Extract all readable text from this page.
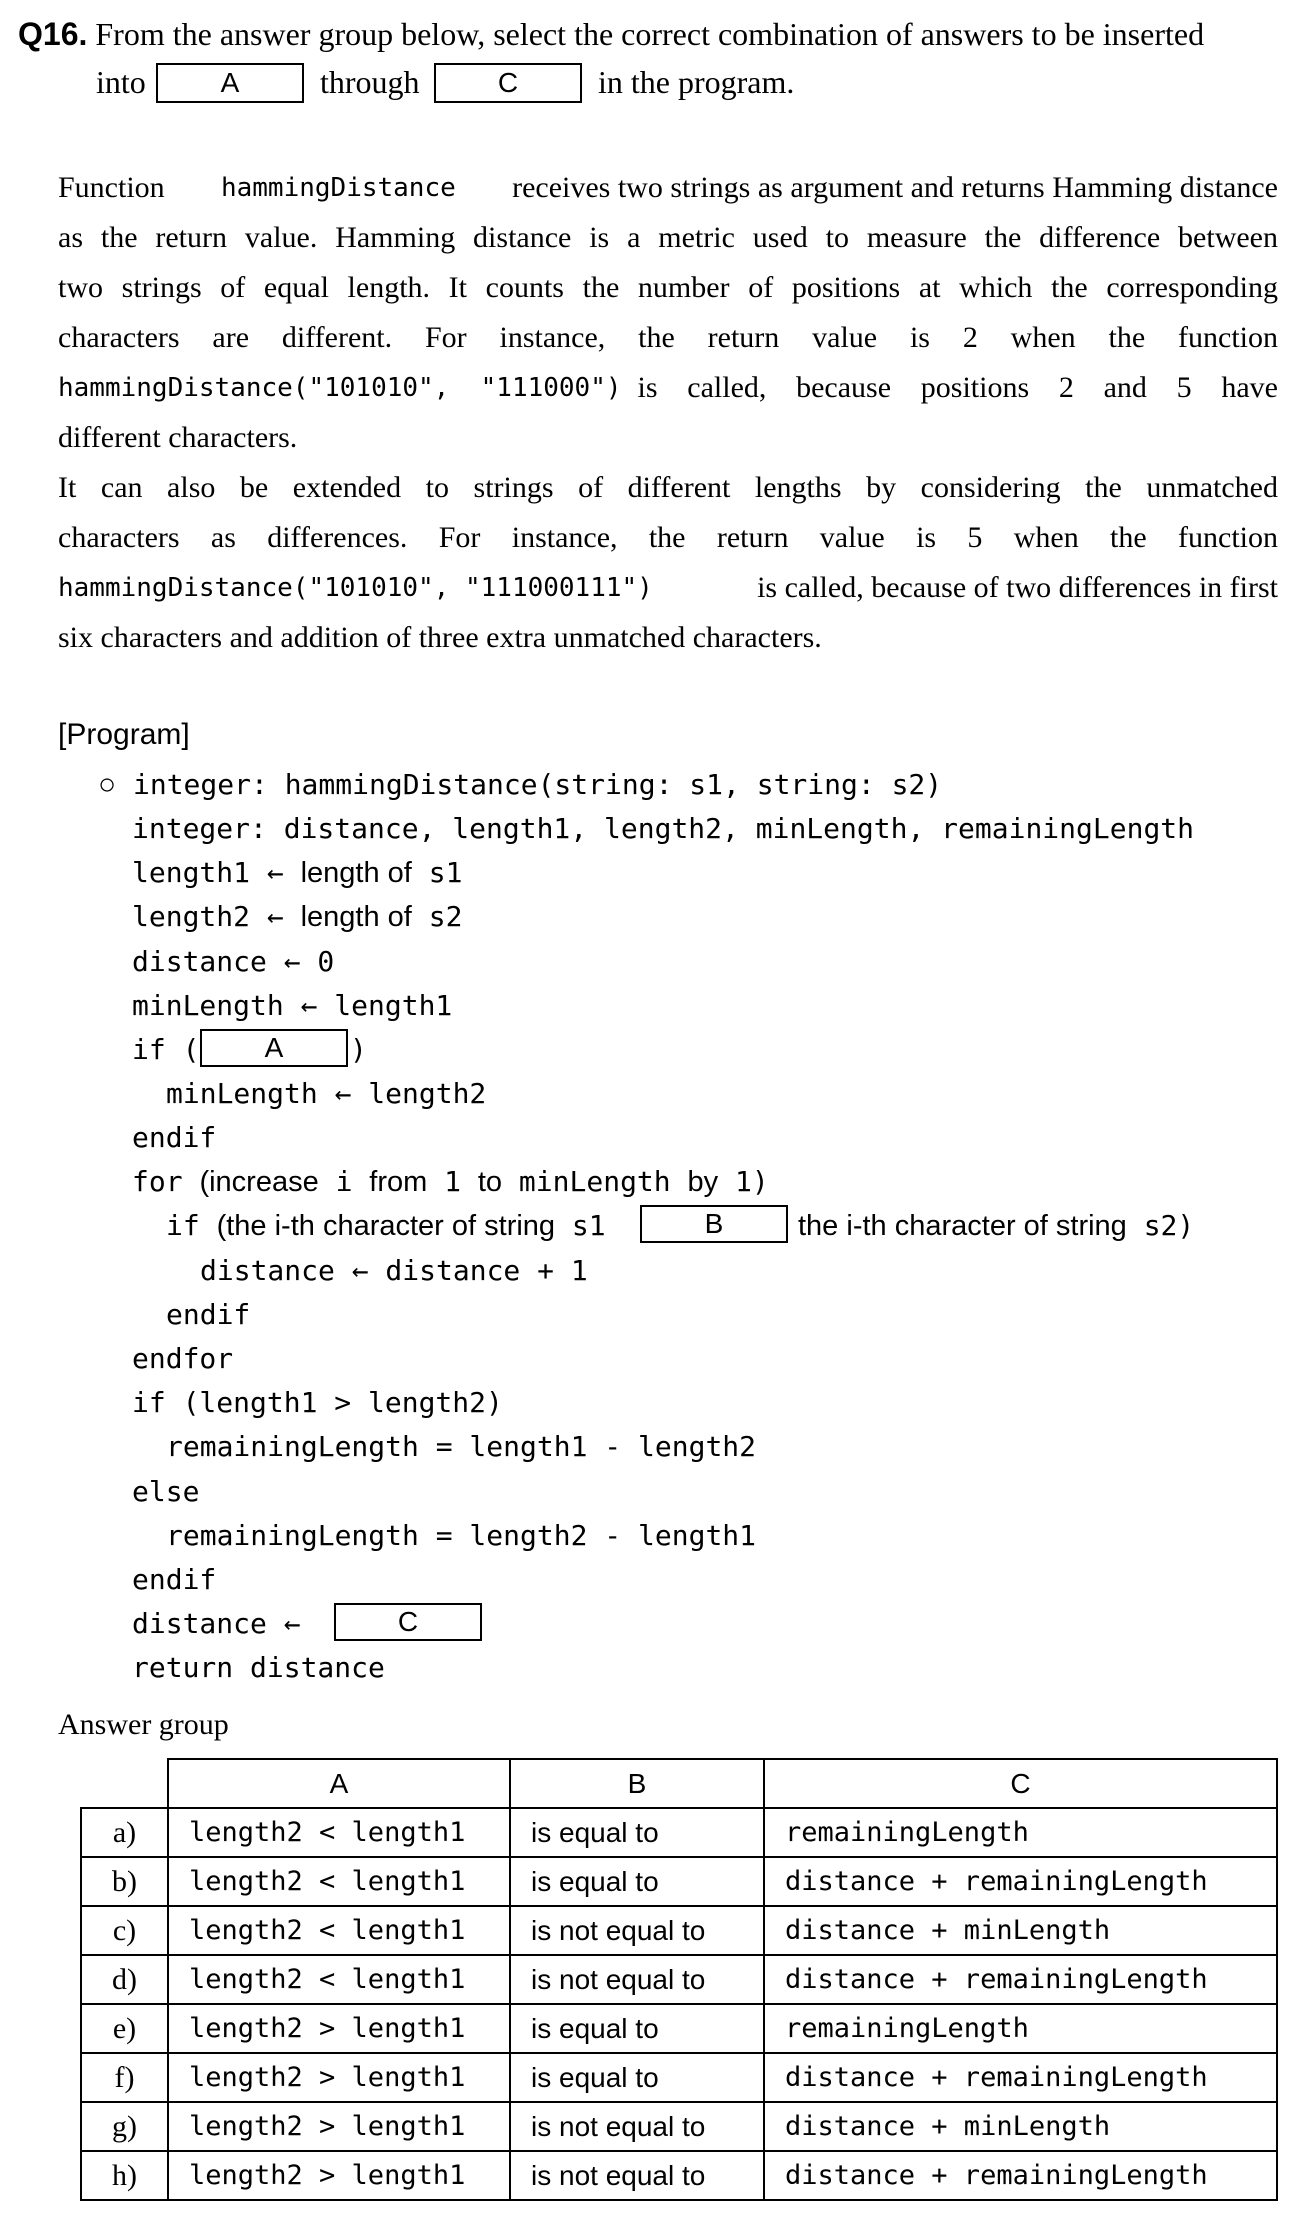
Q16. From the answer group below, select the correct combination of answers to be inserted
into	A	through	C	in the program.
Function hammingDistance receives two strings as argument and returns Hamming distance
as the return value. Hamming distance is a metric used to measure the difference between
two strings of equal length. It counts the number of positions at which the corresponding
characters are different. For instance, the return value is 2 when the function
hammingDistance("101010",  "111000") is called, because positions 2 and 5 have
different characters.
It can also be extended to strings of different lengths by considering the unmatched
characters as differences. For instance, the return value is 5 when the function
hammingDistance("101010", "111000111")	is called, because of two differences in first
six characters and addition of three extra unmatched characters.
[Program]
○ integer: hammingDistance(string: s1, string: s2)
integer: distance, length1, length2, minLength, remainingLength
length1 ← length of s1
length2 ← length of s2
distance ← 0
minLength ← length1
if (	A	)
minLength ← length2
endif
for (increase i from 1 to minLength by 1)
if (the i-th character of string s1	B	the i-th character of string s2)
distance ← distance + 1
endif
endfor
if (length1 > length2)
remainingLength = length1 - length2
else
remainingLength = length2 - length1
endif
distance ←	C
return distance
Answer group
	A	B	C
a)	length2 < length1	is equal to	remainingLength
b)	length2 < length1	is equal to	distance + remainingLength
c)	length2 < length1	is not equal to	distance + minLength
d)	length2 < length1	is not equal to	distance + remainingLength
e)	length2 > length1	is equal to	remainingLength
f)	length2 > length1	is equal to	distance + remainingLength
g)	length2 > length1	is not equal to	distance + minLength
h)	length2 > length1	is not equal to	distance + remainingLength
